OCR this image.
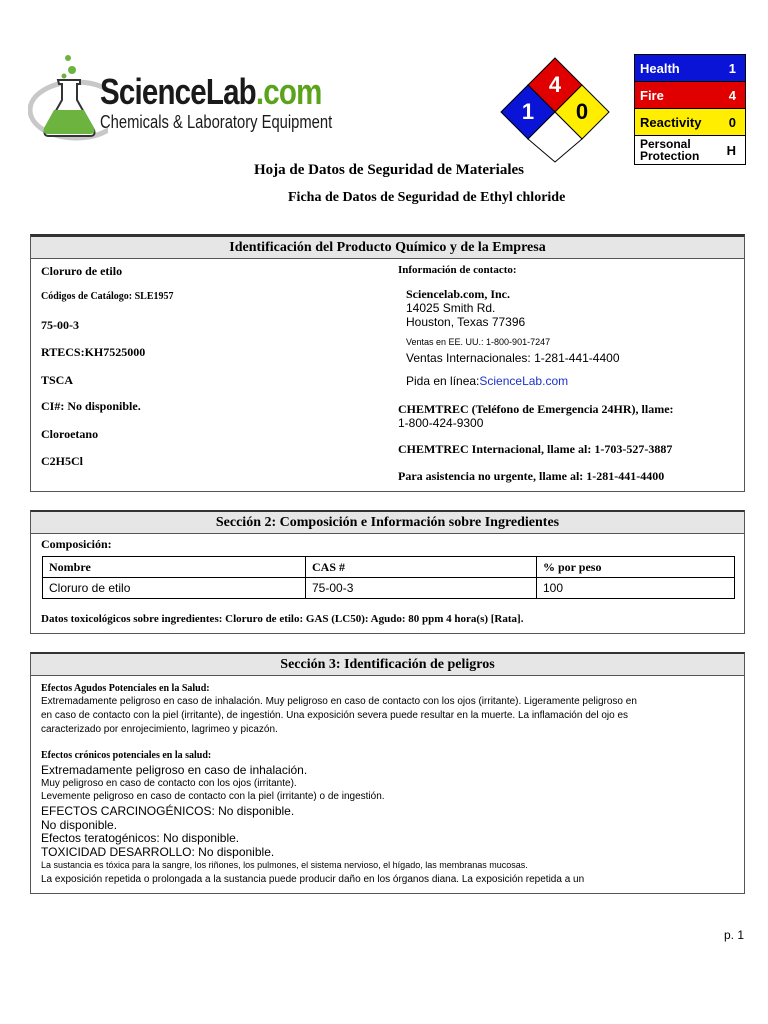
ScienceLab.com
Chemicals & Laboratory Equipment
4
1 0
Health	1
Fire	4
Reactivity 0
Personal
Protection H
Hoja de Datos de Seguridad de Materiales
Ficha de Datos de Seguridad de Ethyl chloride
Identificación del Producto Químico y de la Empresa
Cloruro de etilo
Códigos de Catálogo: SLE1957
75-00-3
RTECS:KH7525000
TSCA
CI#: No disponible.
Cloroetano
C2H5Cl
Información de contacto:
Sciencelab.com, Inc.
14025 Smith Rd.
Houston, Texas 77396
Ventas en EE. UU.: 1-800-901-7247
Ventas Internacionales: 1-281-441-4400
Pida en línea:ScienceLab.com
CHEMTREC (Teléfono de Emergencia 24HR), llame:
1-800-424-9300
CHEMTREC Internacional, llame al: 1-703-527-3887
Para asistencia no urgente, llame al: 1-281-441-4400
Sección 2: Composición e Información sobre Ingredientes
Composición:
Nombre	CAS #	% por peso
Cloruro de etilo	75-00-3	100
Datos toxicológicos sobre ingredientes: Cloruro de etilo: GAS (LC50): Agudo: 80 ppm 4 hora(s) [Rata].
Sección 3: Identificación de peligros
Efectos Agudos Potenciales en la Salud:
Extremadamente peligroso en caso de inhalación. Muy peligroso en caso de contacto con los ojos (irritante). Ligeramente peligroso en
en caso de contacto con la piel (irritante), de ingestión. Una exposición severa puede resultar en la muerte. La inflamación del ojo es
caracterizado por enrojecimiento, lagrimeo y picazón.
Efectos crónicos potenciales en la salud:
Extremadamente peligroso en caso de inhalación.
Muy peligroso en caso de contacto con los ojos (irritante).
Levemente peligroso en caso de contacto con la piel (irritante) o de ingestión.
EFECTOS CARCINOGÉNICOS: No disponible.
No disponible.
Efectos teratogénicos: No disponible.
TOXICIDAD DESARROLLO: No disponible.
La sustancia es tóxica para la sangre, los riñones, los pulmones, el sistema nervioso, el hígado, las membranas mucosas.
La exposición repetida o prolongada a la sustancia puede producir daño en los órganos diana. La exposición repetida a un
p. 1
